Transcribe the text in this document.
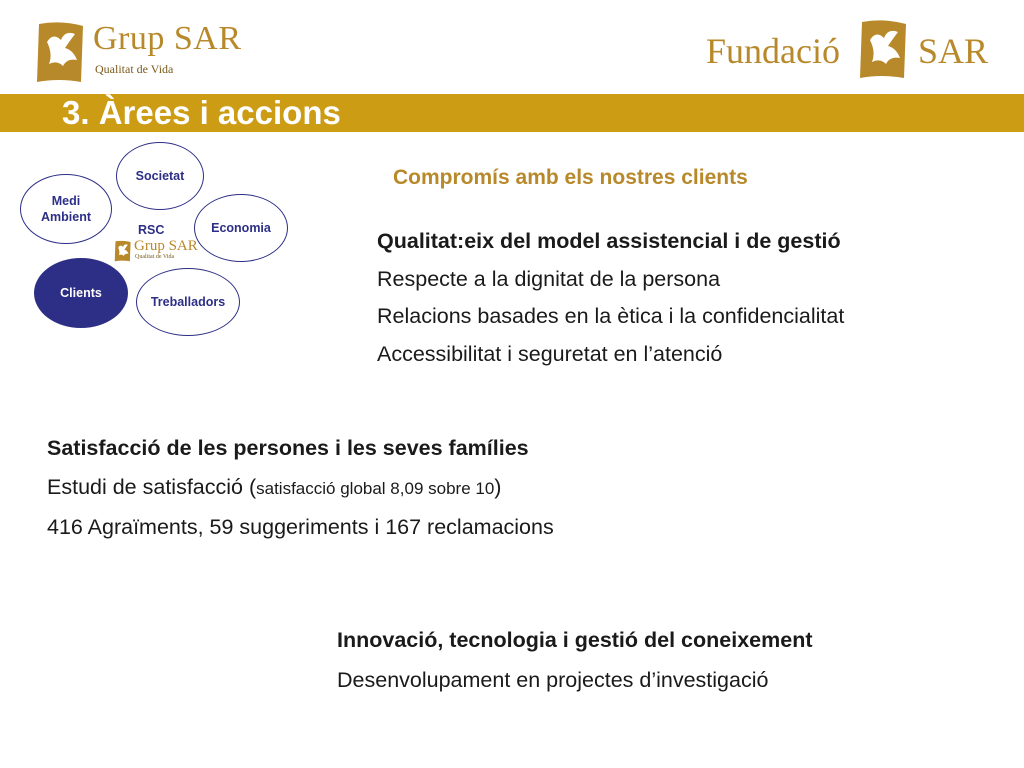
Grup SAR
Qualitat de Vida	Fundació SAR
3. Àrees i accions
Societat
Medi
Ambient
Economia
Clients
Treballadors
RSC
Grup SAR
Qualitat de Vida
Compromís amb els nostres clients
Qualitat:eix del model assistencial i de gestió
Respecte a la dignitat de la persona
Relacions basades en la ètica i la confidencialitat
Accessibilitat i seguretat en l’atenció
Satisfacció de les persones i les seves famílies
Estudi de satisfacció (satisfacció global 8,09 sobre 10)
416 Agraïments, 59 suggeriments i 167 reclamacions
Innovació, tecnologia i gestió del coneixement
Desenvolupament en projectes d’investigació
